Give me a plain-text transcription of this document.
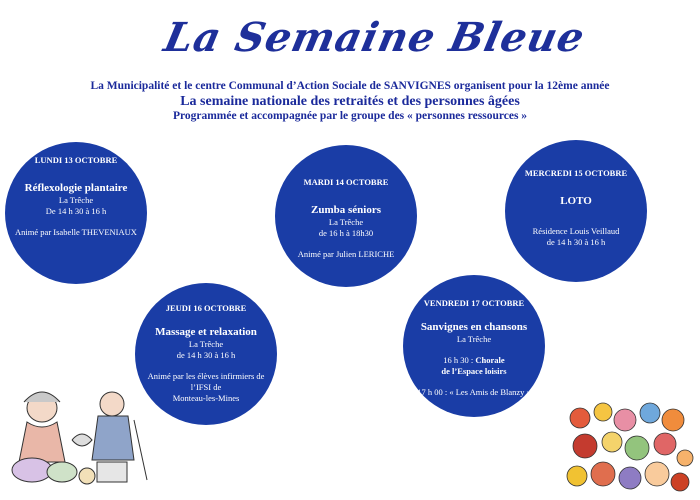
La Semaine Bleue
La Municipalité et le centre Communal d’Action Sociale de SANVIGNES organisent pour la 12ème année
La semaine nationale des retraités et des personnes âgées
Programmée et accompagnée par le groupe des « personnes ressources »
LUNDI 13 OCTOBRE
Réflexologie plantaire
La Trêche
De 14 h 30 à 16 h
Animé par Isabelle THEVENIAUX
MARDI 14 OCTOBRE
Zumba séniors
La Trêche
de 16 h à 18h30
Animé par Julien LERICHE
MERCREDI 15 OCTOBRE
LOTO
Résidence Louis Veillaud
de 14 h 30 à 16 h
JEUDI 16 OCTOBRE
Massage et relaxation
La Trêche
de 14 h 30 à 16 h
Animé par les élèves infirmiers de
l’IFSI de
Monteau-les-Mines
VENDREDI 17 OCTOBRE
Sanvignes en chansons
La Trêche
16 h 30 : Chorale
de l’Espace loisirs
17 h 00 : « Les Amis de Blanzy »
